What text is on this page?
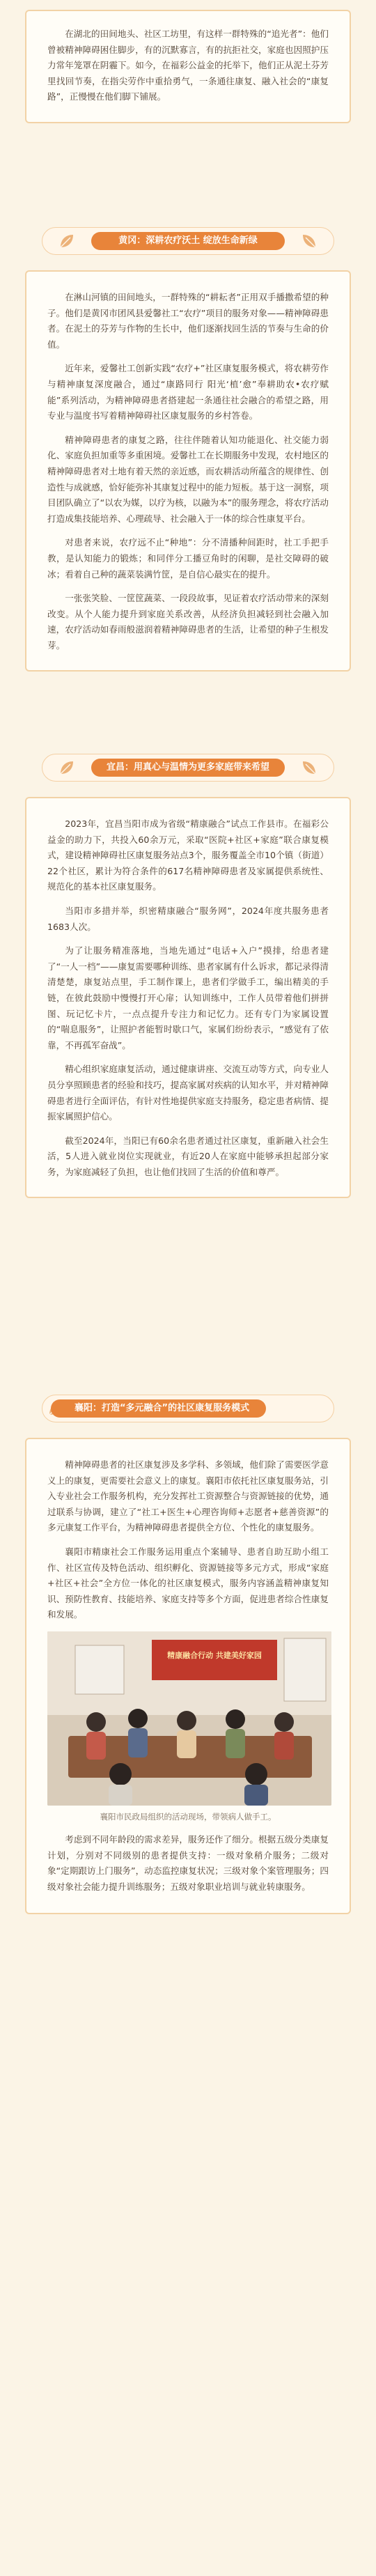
在湖北的田间地头、社区工坊里，有这样一群特殊的“追光者”：他们曾被精神障碍困住脚步，有的沉默寡言，有的抗拒社交，家庭也因照护压力常年笼罩在阴霾下。如今，在福彩公益金的托举下，他们正从泥土芬芳里找回节奏，在指尖劳作中重拾勇气，一条通往康复、融入社会的“康复路”，正慢慢在他们脚下铺展。

黄冈：深耕农疗沃土 绽放生命新绿

在淋山河镇的田间地头，一群特殊的“耕耘者”正用双手播撒希望的种子。他们是黄冈市团风县爱馨社工“农疗”项目的服务对象——精神障碍患者。在泥土的芬芳与作物的生长中，他们逐渐找回生活的节奏与生命的价值。

近年来，爱馨社工创新实践“农疗+”社区康复服务模式，将农耕劳作与精神康复深度融合，通过“康路同行 阳光‘植’愈”奉耕助农•农疗赋能”系列活动，为精神障碍患者搭建起一条通往社会融合的希望之路，用专业与温度书写着精神障碍社区康复服务的乡村答卷。

精神障碍患者的康复之路，往往伴随着认知功能退化、社交能力弱化、家庭负担加重等多重困境。爱馨社工在长期服务中发现，农村地区的精神障碍患者对土地有着天然的亲近感，而农耕活动所蕴含的规律性、创造性与成就感，恰好能弥补其康复过程中的能力短板。基于这一洞察，项目团队确立了“以农为媒，以疗为核，以融为本”的服务理念，将农疗活动打造成集技能培养、心理疏导、社会融入于一体的综合性康复平台。

对患者来说，农疗远不止“种地”：分不清播种间距时，社工手把手教，是认知能力的锻炼；和同伴分工播豆角时的闲聊，是社交障碍的破冰；看着自己种的蔬菜装满竹筐，是自信心最实在的提升。

一张张笑脸、一筐筐蔬菜、一段段故事，见证着农疗活动带来的深刻改变。从个人能力提升到家庭关系改善，从经济负担减轻到社会融入加速，农疗活动如春雨般滋润着精神障碍患者的生活，让希望的种子生根发芽。

宜昌：用真心与温情为更多家庭带来希望

2023年，宜昌当阳市成为省级“精康融合”试点工作县市。在福彩公益金的助力下，共投入60余万元，采取“医院+社区+家庭”联合康复模式，建设精神障碍社区康复服务站点3个，服务覆盖全市10个镇（街道）22个社区，累计为符合条件的617名精神障碍患者及家属提供系统性、规范化的基本社区康复服务。

当阳市多措并举，织密精康融合“服务网”，2024年度共服务患者1683人次。

为了让服务精准落地，当地先通过“电话+入户”摸排，给患者建了“一人一档”——康复需要哪种训练、患者家属有什么诉求，都记录得清清楚楚，康复站点里，手工制作课上，患者们学做手工，编出精美的手链，在彼此鼓励中慢慢打开心扉；认知训练中，工作人员带着他们拼拼图、玩记忆卡片，一点点提升专注力和记忆力。还有专门为家属设置的“喘息服务”，让照护者能暂时歇口气，家属们纷纷表示，“感觉有了依靠，不再孤军奋战”。

精心组织家庭康复活动，通过健康讲座、交流互动等方式，向专业人员分享照顾患者的经验和技巧，提高家属对疾病的认知水平，并对精神障碍患者进行全面评估，有针对性地提供家庭支持服务，稳定患者病情、提振家属照护信心。

截至2024年，当阳已有60余名患者通过社区康复，重新融入社会生活，5人进入就业岗位实现就业，有近20人在家庭中能够承担起部分家务，为家庭减轻了负担，也让他们找回了生活的价值和尊严。

襄阳：打造“多元融合”的社区康复服务模式

精神障碍患者的社区康复涉及多学科、多领域，他们除了需要医学意义上的康复，更需要社会意义上的康复。襄阳市依托社区康复服务站，引入专业社会工作服务机构，充分发挥社工资源整合与资源链接的优势，通过联系与协调，建立了“社工+医生+心理咨询师+志愿者+慈善资源”的多元康复工作平台，为精神障碍患者提供全方位、个性化的康复服务。

襄阳市精康社会工作服务运用重点个案辅导、患者自助互助小组工作、社区宣传及特色活动、组织孵化、资源链接等多元方式，形成“家庭+社区+社会”全方位一体化的社区康复模式，服务内容涵盖精神康复知识、预防性教育、技能培养、家庭支持等多个方面，促进患者综合性康复和发展。

精康融合行动 共建美好家园
襄阳市民政局组织的活动现场，带领病人做手工。

考虑到不同年龄段的需求差异，服务还作了细分。根据五级分类康复计划，分别对不同级别的患者提供支持：一级对象稍介服务；二级对象“定期跟访上门服务”，动态监控康复状况；三级对象个案管理服务；四级对象社会能力提升训练服务；五级对象职业培训与就业转康服务。
